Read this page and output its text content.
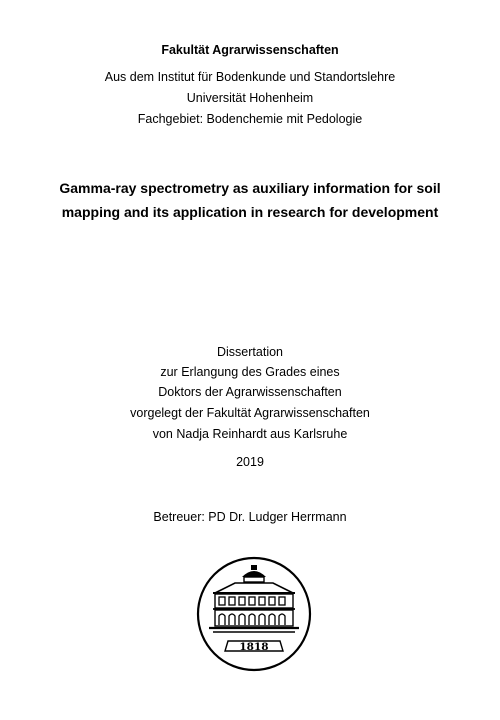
Fakultät Agrarwissenschaften
Aus dem Institut für Bodenkunde und Standortslehre
Universität Hohenheim
Fachgebiet: Bodenchemie mit Pedologie
Gamma-ray spectrometry as auxiliary information for soil
mapping and its application in research for development
Dissertation
zur Erlangung des Grades eines
Doktors der Agrarwissenschaften
vorgelegt der Fakultät Agrarwissenschaften
von Nadja Reinhardt aus Karlsruhe
2019
Betreuer: PD Dr. Ludger Herrmann
1818
